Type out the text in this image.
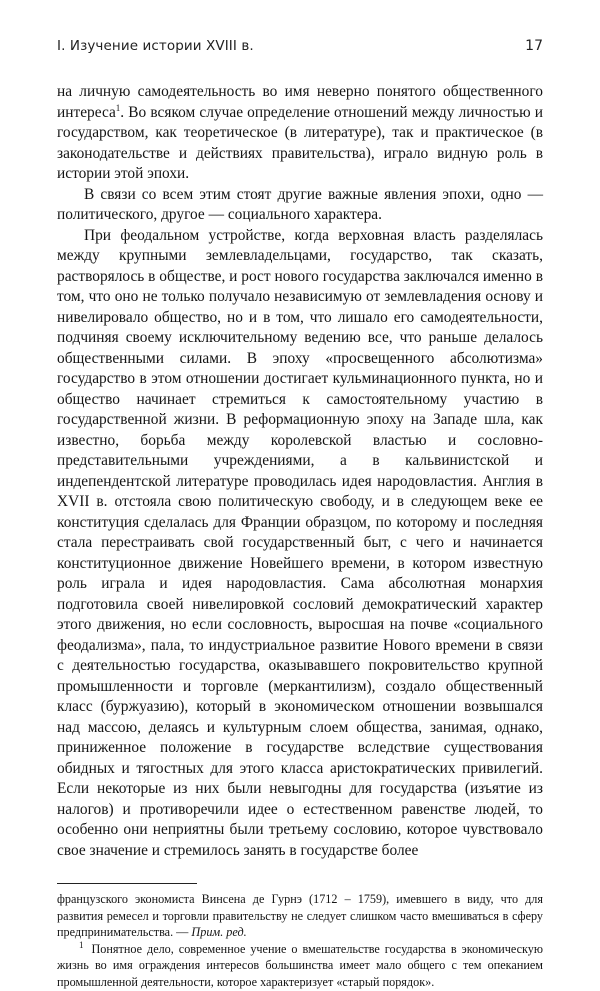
I. Изучение истории XVIII в.	17

на личную самодеятельность во имя неверно понятого общественного интереса$^1$. Во всяком случае определение отношений между личностью и государством, как теоретическое (в литературе), так и практическое (в законодательстве и действиях правительства), играло видную роль в истории этой эпохи.

В связи со всем этим стоят другие важные явления эпохи, одно — политического, другое — социального характера.

При феодальном устройстве, когда верховная власть разделялась между крупными землевладельцами, государство, так сказать, растворялось в обществе, и рост нового государства заключался именно в том, что оно не только получало независимую от землевладения основу и нивелировало общество, но и в том, что лишало его самодеятельности, подчиняя своему исключительному ведению все, что раньше делалось общественными силами. В эпоху «просвещенного абсолютизма» государство в этом отношении достигает кульминационного пункта, но и общество начинает стремиться к самостоятельному участию в государственной жизни. В реформационную эпоху на Западе шла, как известно, борьба между королевской властью и сословно-представительными учреждениями, а в кальвинистской и индепендентской литературе проводилась идея народовластия. Англия в XVII в. отстояла свою политическую свободу, и в следующем веке ее конституция сделалась для Франции образцом, по которому и последняя стала перестраивать свой государственный быт, с чего и начинается конституционное движение Новейшего времени, в котором известную роль играла и идея народовластия. Сама абсолютная монархия подготовила своей нивелировкой сословий демократический характер этого движения, но если сословность, выросшая на почве «социального феодализма», пала, то индустриальное развитие Нового времени в связи с деятельностью государства, оказывавшего покровительство крупной промышленности и торговле (меркантилизм), создало общественный класс (буржуазию), который в экономическом отношении возвышался над массою, делаясь и культурным слоем общества, занимая, однако, приниженное положение в государстве вследствие существования обидных и тягостных для этого класса аристократических привилегий. Если некоторые из них были невыгодны для государства (изъятие из налогов) и противоречили идее о естественном равенстве людей, то особенно они неприятны были третьему сословию, которое чувствовало свое значение и стремилось занять в государстве более

французского экономиста Винсена де Гурнэ (1712 – 1759), имевшего в виду, что для развития ремесел и торговли правительству не следует слишком часто вмешиваться в сферу предпринимательства. — Прим. ред.

$^1$ Понятное дело, современное учение о вмешательстве государства в экономическую жизнь во имя ограждения интересов большинства имеет мало общего с тем опеканием промышленной деятельности, которое характеризует «старый порядок».
